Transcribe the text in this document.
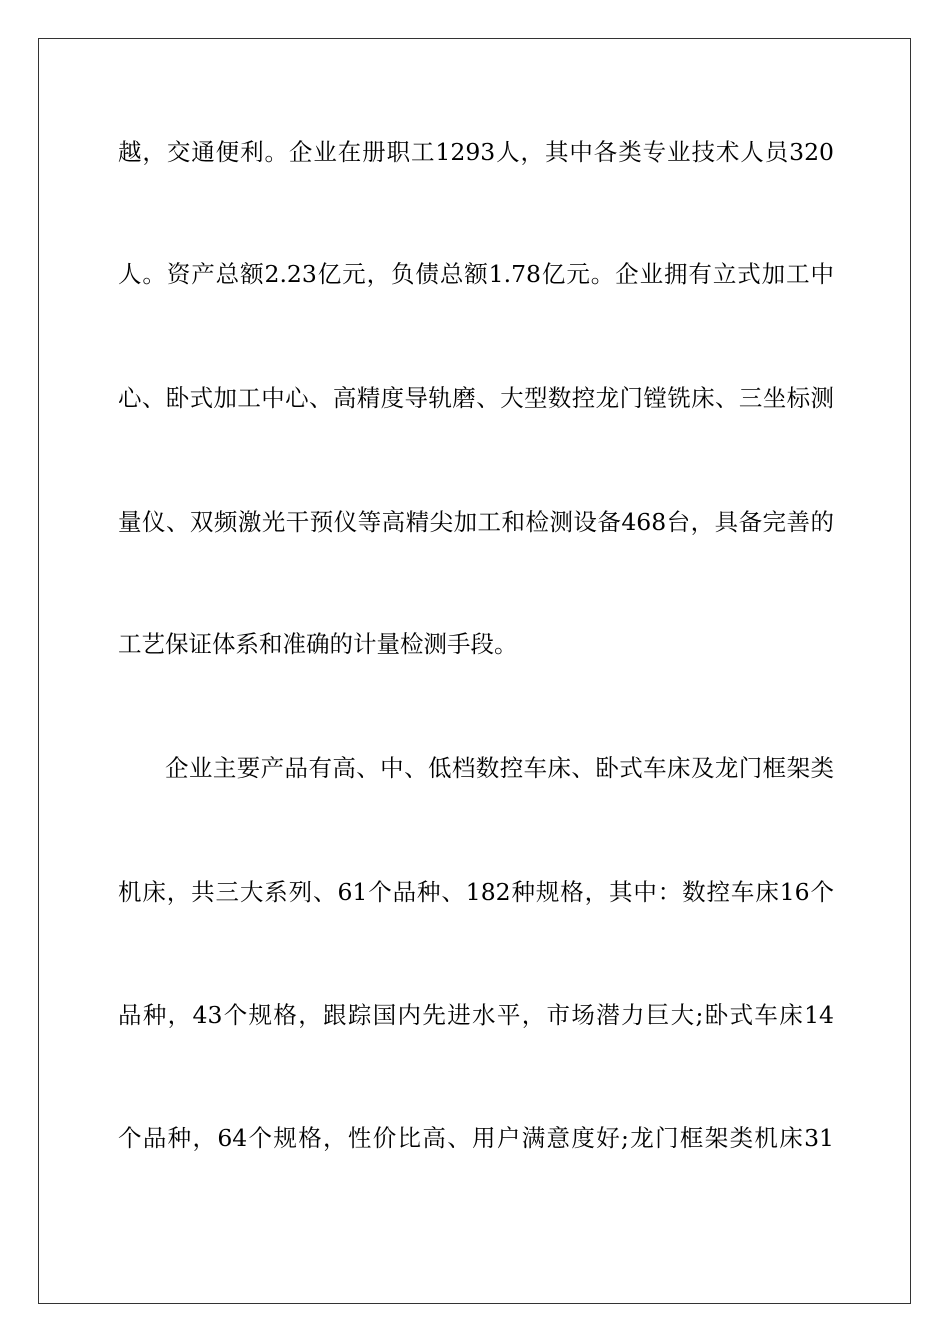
越，交通便利。企业在册职工1293人，其中各类专业技术人员320
人。资产总额2.23亿元，负债总额1.78亿元。企业拥有立式加工中
心、卧式加工中心、高精度导轨磨、大型数控龙门镗铣床、三坐标测
量仪、双频激光干预仪等高精尖加工和检测设备468台，具备完善的
工艺保证体系和准确的计量检测手段。
企业主要产品有高、中、低档数控车床、卧式车床及龙门框架类
机床，共三大系列、61个品种、182种规格，其中：数控车床16个
品种，43个规格，跟踪国内先进水平，市场潜力巨大;卧式车床14
个品种，64个规格，性价比高、用户满意度好;龙门框架类机床31
